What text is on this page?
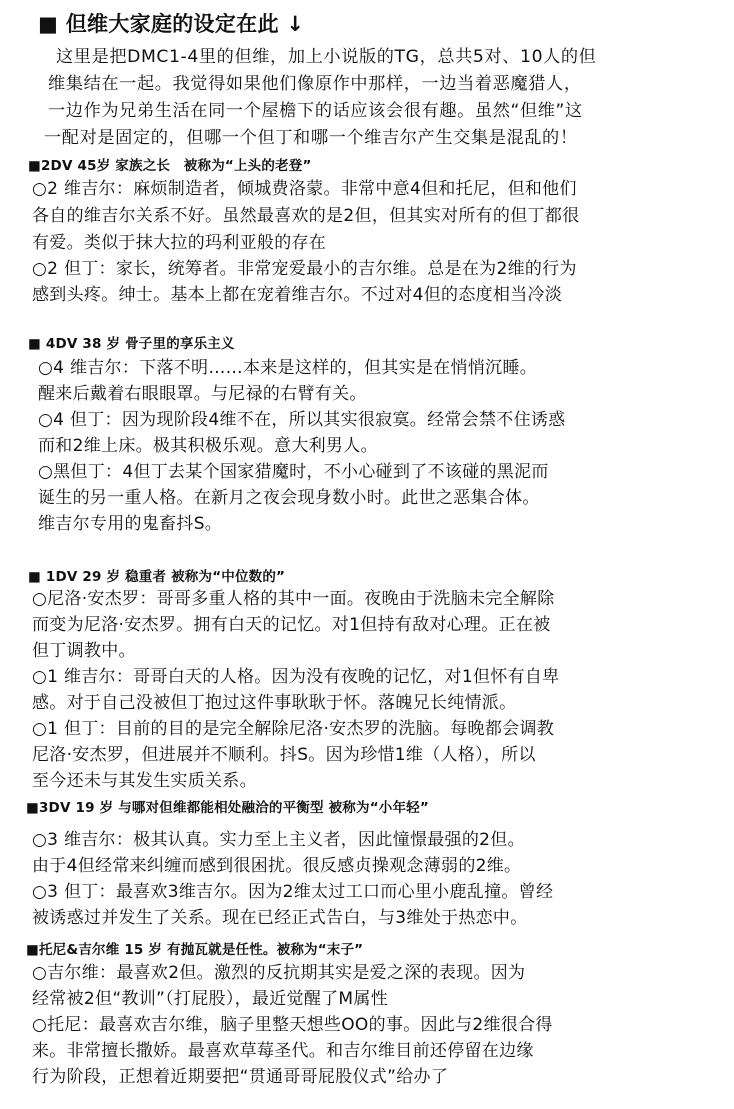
■ 但维大家庭的设定在此 ↓
这里是把DMC1-4里的但维，加上小说版的TG，总共5对、10人的但
维集结在一起。我觉得如果他们像原作中那样，一边当着恶魔猎人，
一边作为兄弟生活在同一个屋檐下的话应该会很有趣。虽然“但维”这
一配对是固定的，但哪一个但丁和哪一个维吉尔产生交集是混乱的！
■2DV 45岁 家族之长　被称为“上头的老登”
○2 维吉尔：麻烦制造者，倾城费洛蒙。非常中意4但和托尼，但和他们
各自的维吉尔关系不好。虽然最喜欢的是2但，但其实对所有的但丁都很
有爱。类似于抹大拉的玛利亚般的存在
○2 但丁：家长，统筹者。非常宠爱最小的吉尔维。总是在为2维的行为
感到头疼。绅士。基本上都在宠着维吉尔。不过对4但的态度相当冷淡
■ 4DV 38 岁 骨子里的享乐主义
○4 维吉尔：下落不明……本来是这样的，但其实是在悄悄沉睡。
醒来后戴着右眼眼罩。与尼禄的右臂有关。
○4 但丁：因为现阶段4维不在，所以其实很寂寞。经常会禁不住诱惑
而和2维上床。极其积极乐观。意大利男人。
○黑但丁：4但丁去某个国家猎魔时，不小心碰到了不该碰的黑泥而
诞生的另一重人格。在新月之夜会现身数小时。此世之恶集合体。
维吉尔专用的鬼畜抖S。
■ 1DV 29 岁 稳重者 被称为“中位数的”
○尼洛·安杰罗：哥哥多重人格的其中一面。夜晚由于洗脑未完全解除
而变为尼洛·安杰罗。拥有白天的记忆。对1但持有敌对心理。正在被
但丁调教中。
○1 维吉尔：哥哥白天的人格。因为没有夜晚的记忆，对1但怀有自卑
感。对于自己没被但丁抱过这件事耿耿于怀。落魄兄长纯情派。
○1 但丁：目前的目的是完全解除尼洛·安杰罗的洗脑。每晚都会调教
尼洛·安杰罗，但进展并不顺利。抖S。因为珍惜1维（人格），所以
至今还未与其发生实质关系。
■3DV 19 岁 与哪对但维都能相处融洽的平衡型 被称为“小年轻”
○3 维吉尔：极其认真。实力至上主义者，因此憧憬最强的2但。
由于4但经常来纠缠而感到很困扰。很反感贞操观念薄弱的2维。
○3 但丁：最喜欢3维吉尔。因为2维太过工口而心里小鹿乱撞。曾经
被诱惑过并发生了关系。现在已经正式告白，与3维处于热恋中。
■托尼&吉尔维 15 岁 有抛瓦就是任性。被称为“末子”
○吉尔维：最喜欢2但。激烈的反抗期其实是爱之深的表现。因为
经常被2但“教训”（打屁股），最近觉醒了M属性
○托尼：最喜欢吉尔维，脑子里整天想些OO的事。因此与2维很合得
来。非常擅长撒娇。最喜欢草莓圣代。和吉尔维目前还停留在边缘
行为阶段，正想着近期要把“贯通哥哥屁股仪式”给办了
